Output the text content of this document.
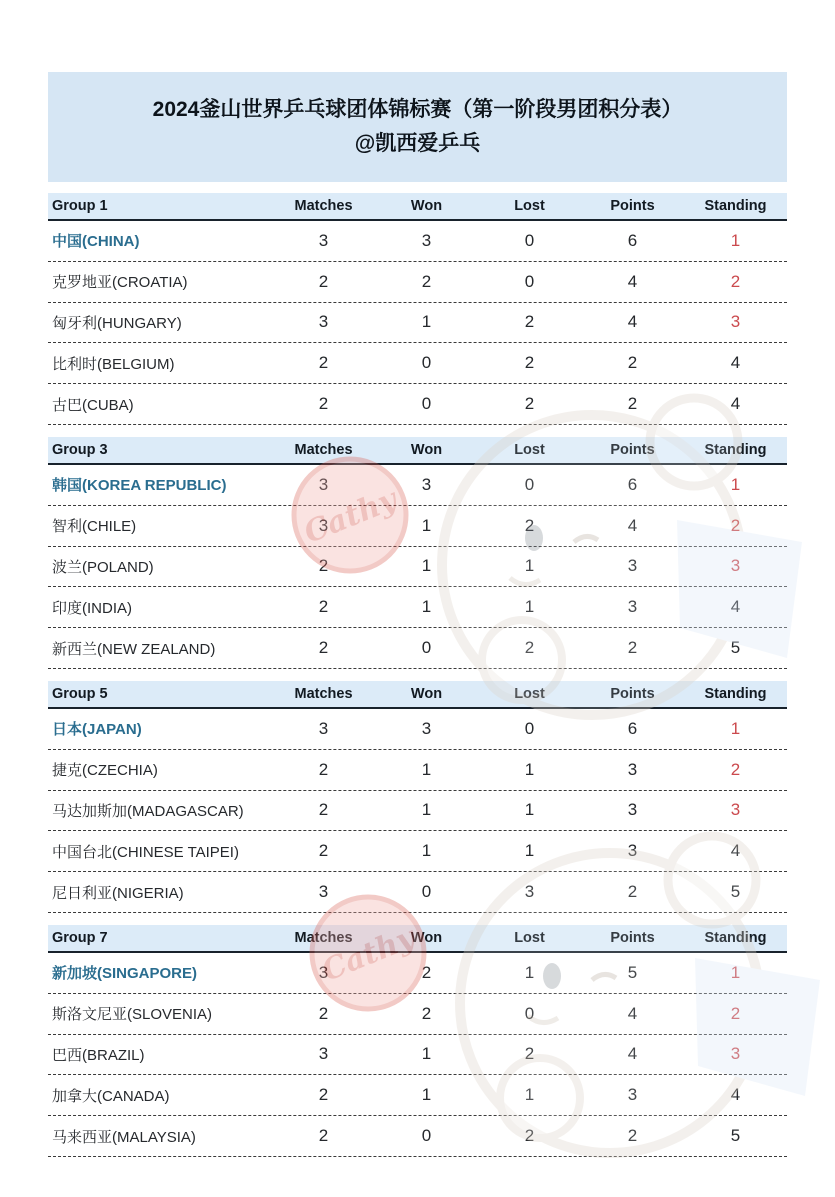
2024釜山世界乒乓球团体锦标赛（第一阶段男团积分表）
@凯西爱乒乓
Group 1	Matches	Won	Lost	Points	Standing
中国(CHINA)	3	3	0	6	1
克罗地亚(CROATIA)	2	2	0	4	2
匈牙利(HUNGARY)	3	1	2	4	3
比利时(BELGIUM)	2	0	2	2	4
古巴(CUBA)	2	0	2	2	4
Group 3	Matches	Won	Lost	Points	Standing
韩国(KOREA REPUBLIC)	3	3	0	6	1
智利(CHILE)	3	1	2	4	2
波兰(POLAND)	2	1	1	3	3
印度(INDIA)	2	1	1	3	4
新西兰(NEW ZEALAND)	2	0	2	2	5
Group 5	Matches	Won	Lost	Points	Standing
日本(JAPAN)	3	3	0	6	1
捷克(CZECHIA)	2	1	1	3	2
马达加斯加(MADAGASCAR)	2	1	1	3	3
中国台北(CHINESE TAIPEI)	2	1	1	3	4
尼日利亚(NIGERIA)	3	0	3	2	5
Group 7	Matches	Won	Lost	Points	Standing
新加坡(SINGAPORE)	3	2	1	5	1
斯洛文尼亚(SLOVENIA)	2	2	0	4	2
巴西(BRAZIL)	3	1	2	4	3
加拿大(CANADA)	2	1	1	3	4
马来西亚(MALAYSIA)	2	0	2	2	5
